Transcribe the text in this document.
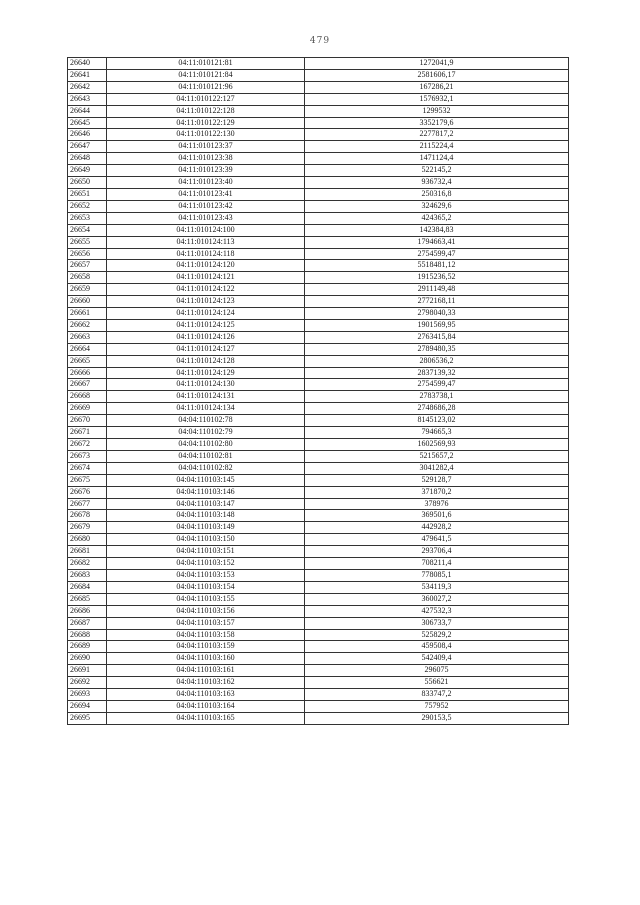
479
26640	04:11:010121:81	1272041,9
26641	04:11:010121:84	2581606,17
26642	04:11:010121:96	167286,21
26643	04:11:010122:127	1576932,1
26644	04:11:010122:128	1299532
26645	04:11:010122:129	3352179,6
26646	04:11:010122:130	2277817,2
26647	04:11:010123:37	2115224,4
26648	04:11:010123:38	1471124,4
26649	04:11:010123:39	522145,2
26650	04:11:010123:40	936732,4
26651	04:11:010123:41	250316,8
26652	04:11:010123:42	324629,6
26653	04:11:010123:43	424365,2
26654	04:11:010124:100	142384,83
26655	04:11:010124:113	1794663,41
26656	04:11:010124:118	2754599,47
26657	04:11:010124:120	5518481,12
26658	04:11:010124:121	1915236,52
26659	04:11:010124:122	2911149,48
26660	04:11:010124:123	2772168,11
26661	04:11:010124:124	2798040,33
26662	04:11:010124:125	1901569,95
26663	04:11:010124:126	2763415,84
26664	04:11:010124:127	2789480,35
26665	04:11:010124:128	2806536,2
26666	04:11:010124:129	2837139,32
26667	04:11:010124:130	2754599,47
26668	04:11:010124:131	2783738,1
26669	04:11:010124:134	2748686,28
26670	04:04:110102:78	8145123,02
26671	04:04:110102:79	794665,3
26672	04:04:110102:80	1602569,93
26673	04:04:110102:81	5215657,2
26674	04:04:110102:82	3041282,4
26675	04:04:110103:145	529128,7
26676	04:04:110103:146	371870,2
26677	04:04:110103:147	378976
26678	04:04:110103:148	369501,6
26679	04:04:110103:149	442928,2
26680	04:04:110103:150	479641,5
26681	04:04:110103:151	293706,4
26682	04:04:110103:152	708211,4
26683	04:04:110103:153	778085,1
26684	04:04:110103:154	534119,3
26685	04:04:110103:155	360027,2
26686	04:04:110103:156	427532,3
26687	04:04:110103:157	306733,7
26688	04:04:110103:158	525829,2
26689	04:04:110103:159	459508,4
26690	04:04:110103:160	542409,4
26691	04:04:110103:161	296075
26692	04:04:110103:162	556621
26693	04:04:110103:163	833747,2
26694	04:04:110103:164	757952
26695	04:04:110103:165	290153,5
